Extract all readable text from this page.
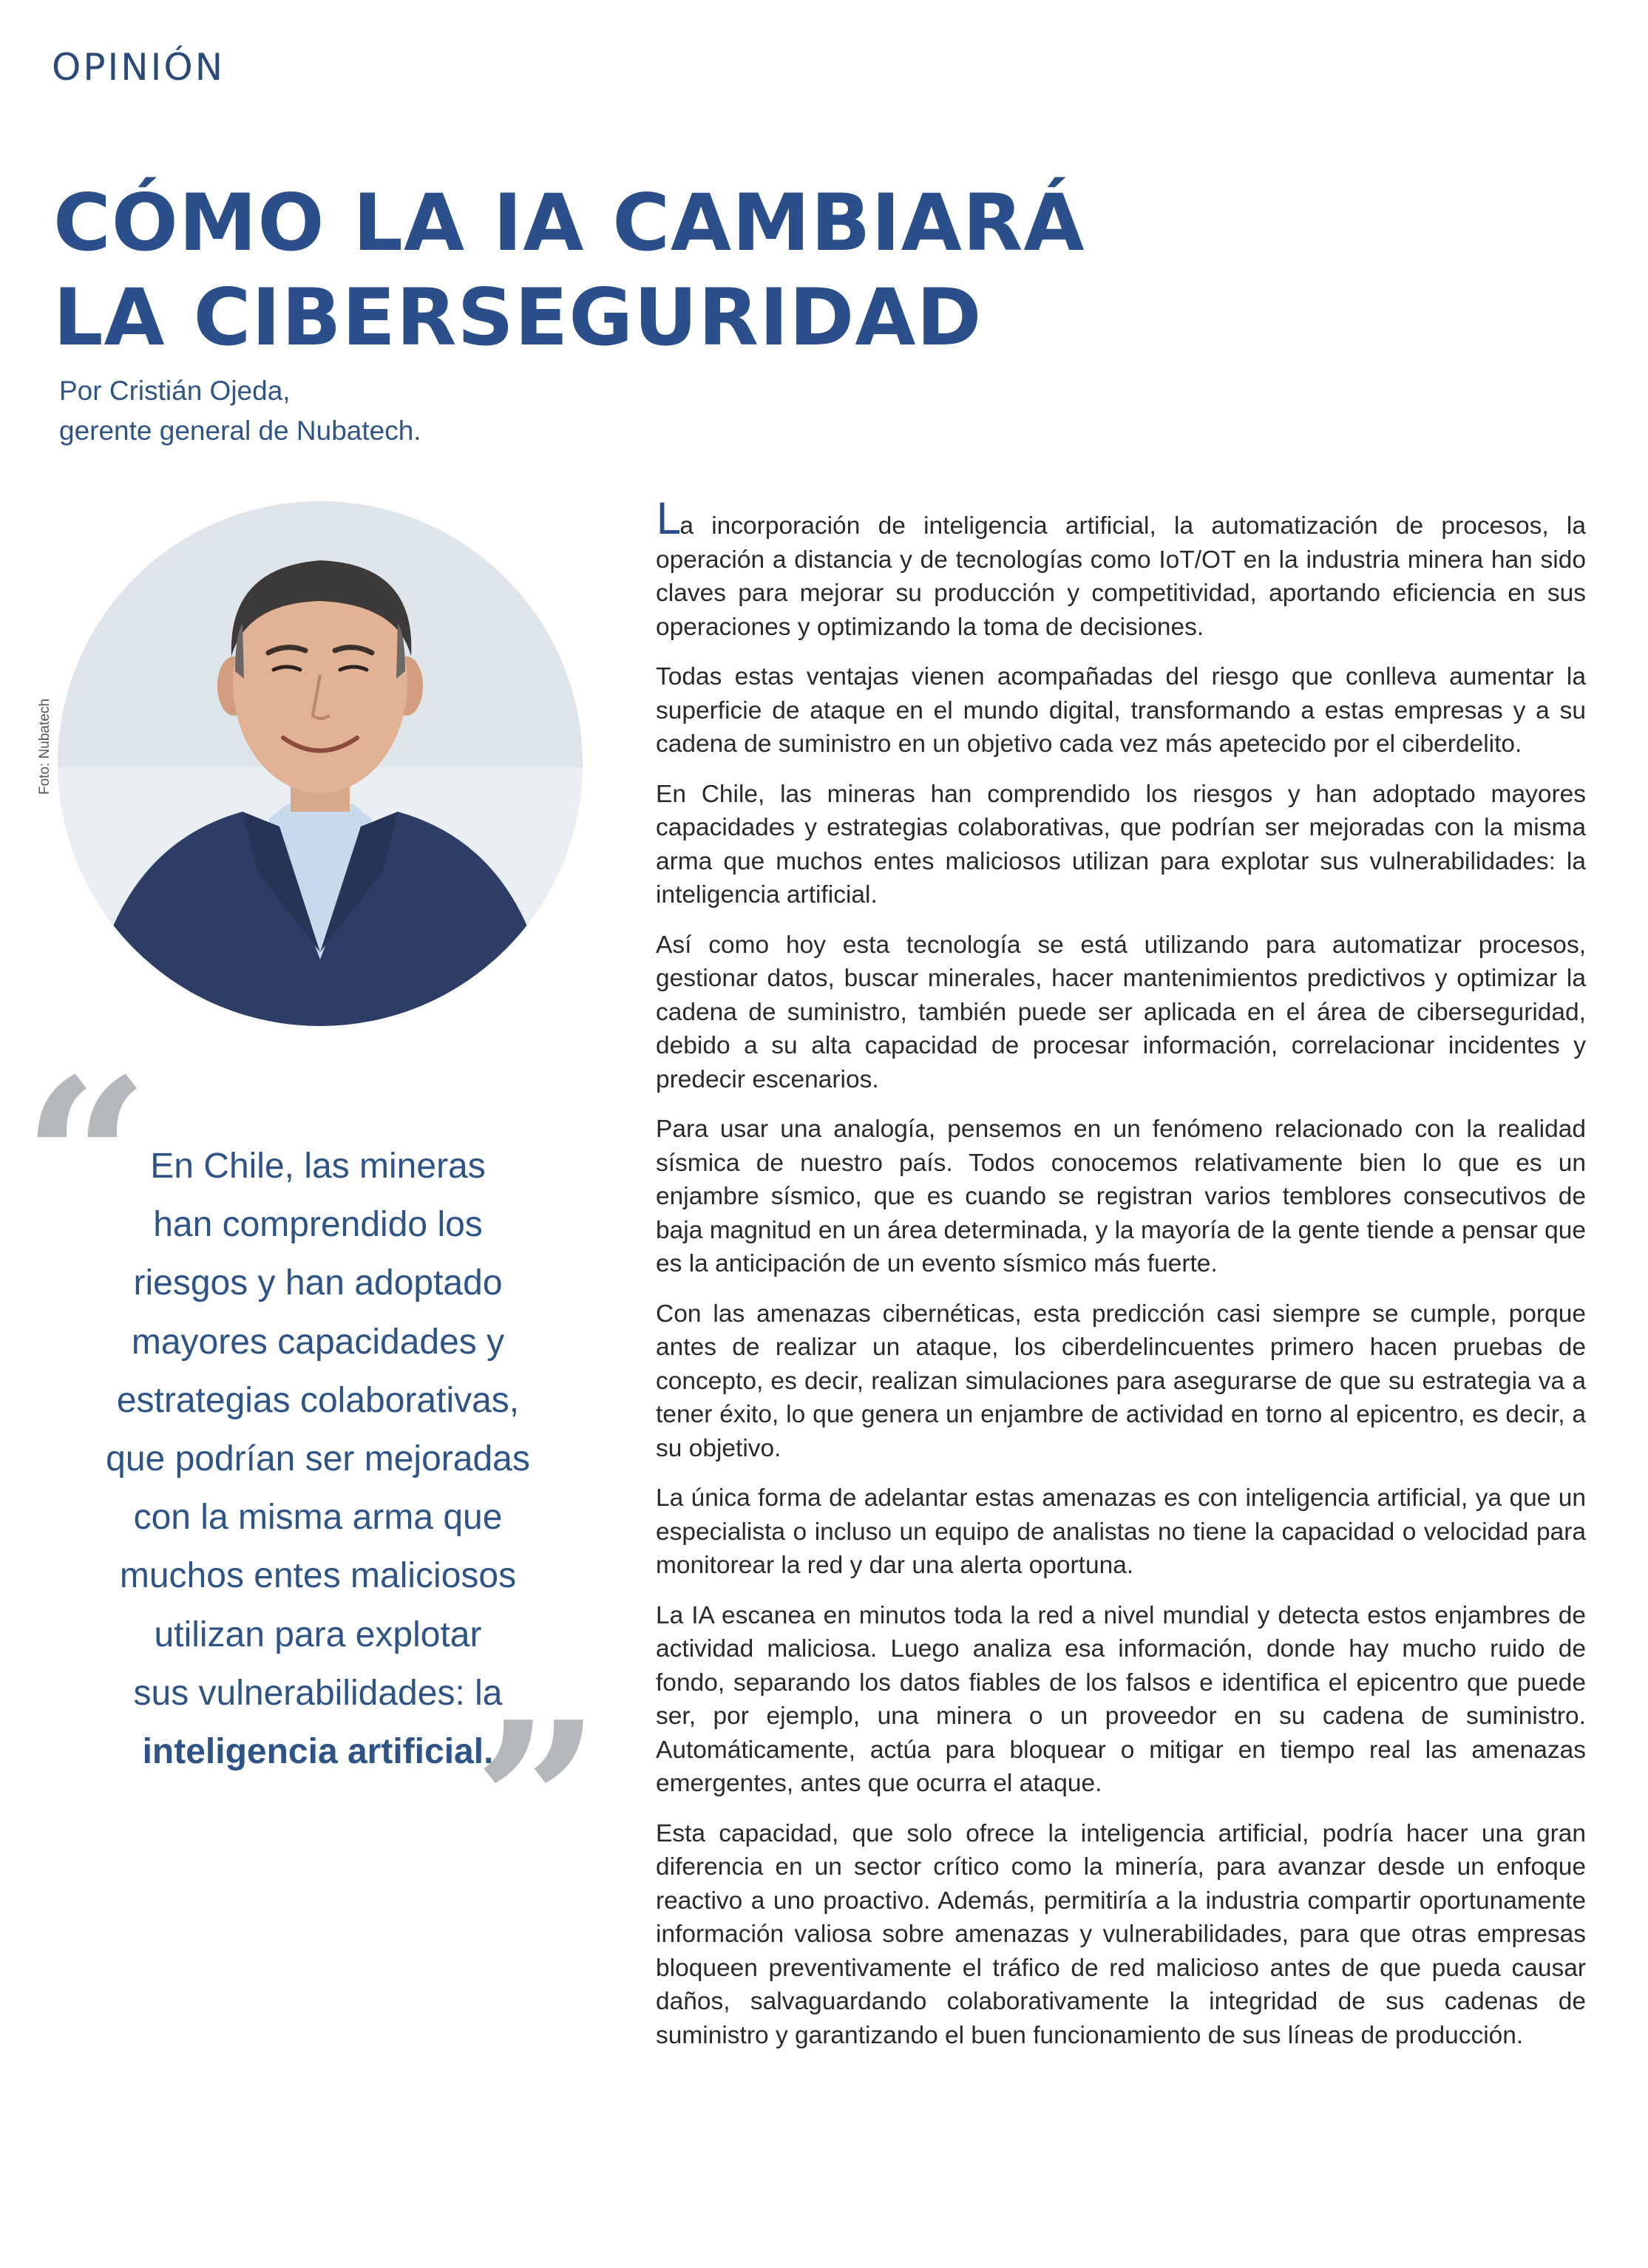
OPINIÓN
CÓMO LA IA CAMBIARÁ
LA CIBERSEGURIDAD
Por Cristián Ojeda,
gerente general de Nubatech.
Foto: Nubatech
“ En Chile, las mineras
han comprendido los
riesgos y han adoptado
mayores capacidades y
estrategias colaborativas,
que podrían ser mejoradas
con la misma arma que
muchos entes maliciosos
utilizan para explotar
sus vulnerabilidades: la
inteligencia artificial.
”

La incorporación de inteligencia artificial, la automatización de procesos, la operación a distancia y de tecnologías como IoT/OT en la industria minera han sido claves para mejorar su producción y competitividad, aportando eficiencia en sus operaciones y optimizando la toma de decisiones.

Todas estas ventajas vienen acompañadas del riesgo que conlleva aumentar la superficie de ataque en el mundo digital, transformando a estas empresas y a su cadena de suministro en un objetivo cada vez más apetecido por el ciberdelito.

En Chile, las mineras han comprendido los riesgos y han adoptado mayores capacidades y estrategias colaborativas, que podrían ser mejoradas con la misma arma que muchos entes maliciosos utilizan para explotar sus vulnerabilidades: la inteligencia artificial.

Así como hoy esta tecnología se está utilizando para automatizar procesos, gestionar datos, buscar minerales, hacer mantenimientos predictivos y optimizar la cadena de suministro, también puede ser aplicada en el área de ciberseguridad, debido a su alta capacidad de procesar información, correlacionar incidentes y predecir escenarios.

Para usar una analogía, pensemos en un fenómeno relacionado con la realidad sísmica de nuestro país. Todos conocemos relativamente bien lo que es un enjambre sísmico, que es cuando se registran varios temblores consecutivos de baja magnitud en un área determinada, y la mayoría de la gente tiende a pensar que es la anticipación de un evento sísmico más fuerte.

Con las amenazas cibernéticas, esta predicción casi siempre se cumple, porque antes de realizar un ataque, los ciberdelincuentes primero hacen pruebas de concepto, es decir, realizan simulaciones para asegurarse de que su estrategia va a tener éxito, lo que genera un enjambre de actividad en torno al epicentro, es decir, a su objetivo.

La única forma de adelantar estas amenazas es con inteligencia artificial, ya que un especialista o incluso un equipo de analistas no tiene la capacidad o velocidad para monitorear la red y dar una alerta oportuna.

La IA escanea en minutos toda la red a nivel mundial y detecta estos enjambres de actividad maliciosa. Luego analiza esa información, donde hay mucho ruido de fondo, separando los datos fiables de los falsos e identifica el epicentro que puede ser, por ejemplo, una minera o un proveedor en su cadena de suministro. Automáticamente, actúa para bloquear o mitigar en tiempo real las amenazas emergentes, antes que ocurra el ataque.

Esta capacidad, que solo ofrece la inteligencia artificial, podría hacer una gran diferencia en un sector crítico como la minería, para avanzar desde un enfoque reactivo a uno proactivo. Además, permitiría a la industria compartir oportunamente información valiosa sobre amenazas y vulnerabilidades, para que otras empresas bloqueen preventivamente el tráfico de red malicioso antes de que pueda causar daños, salvaguardando colaborativamente la integridad de sus cadenas de suministro y garantizando el buen funcionamiento de sus líneas de producción.
